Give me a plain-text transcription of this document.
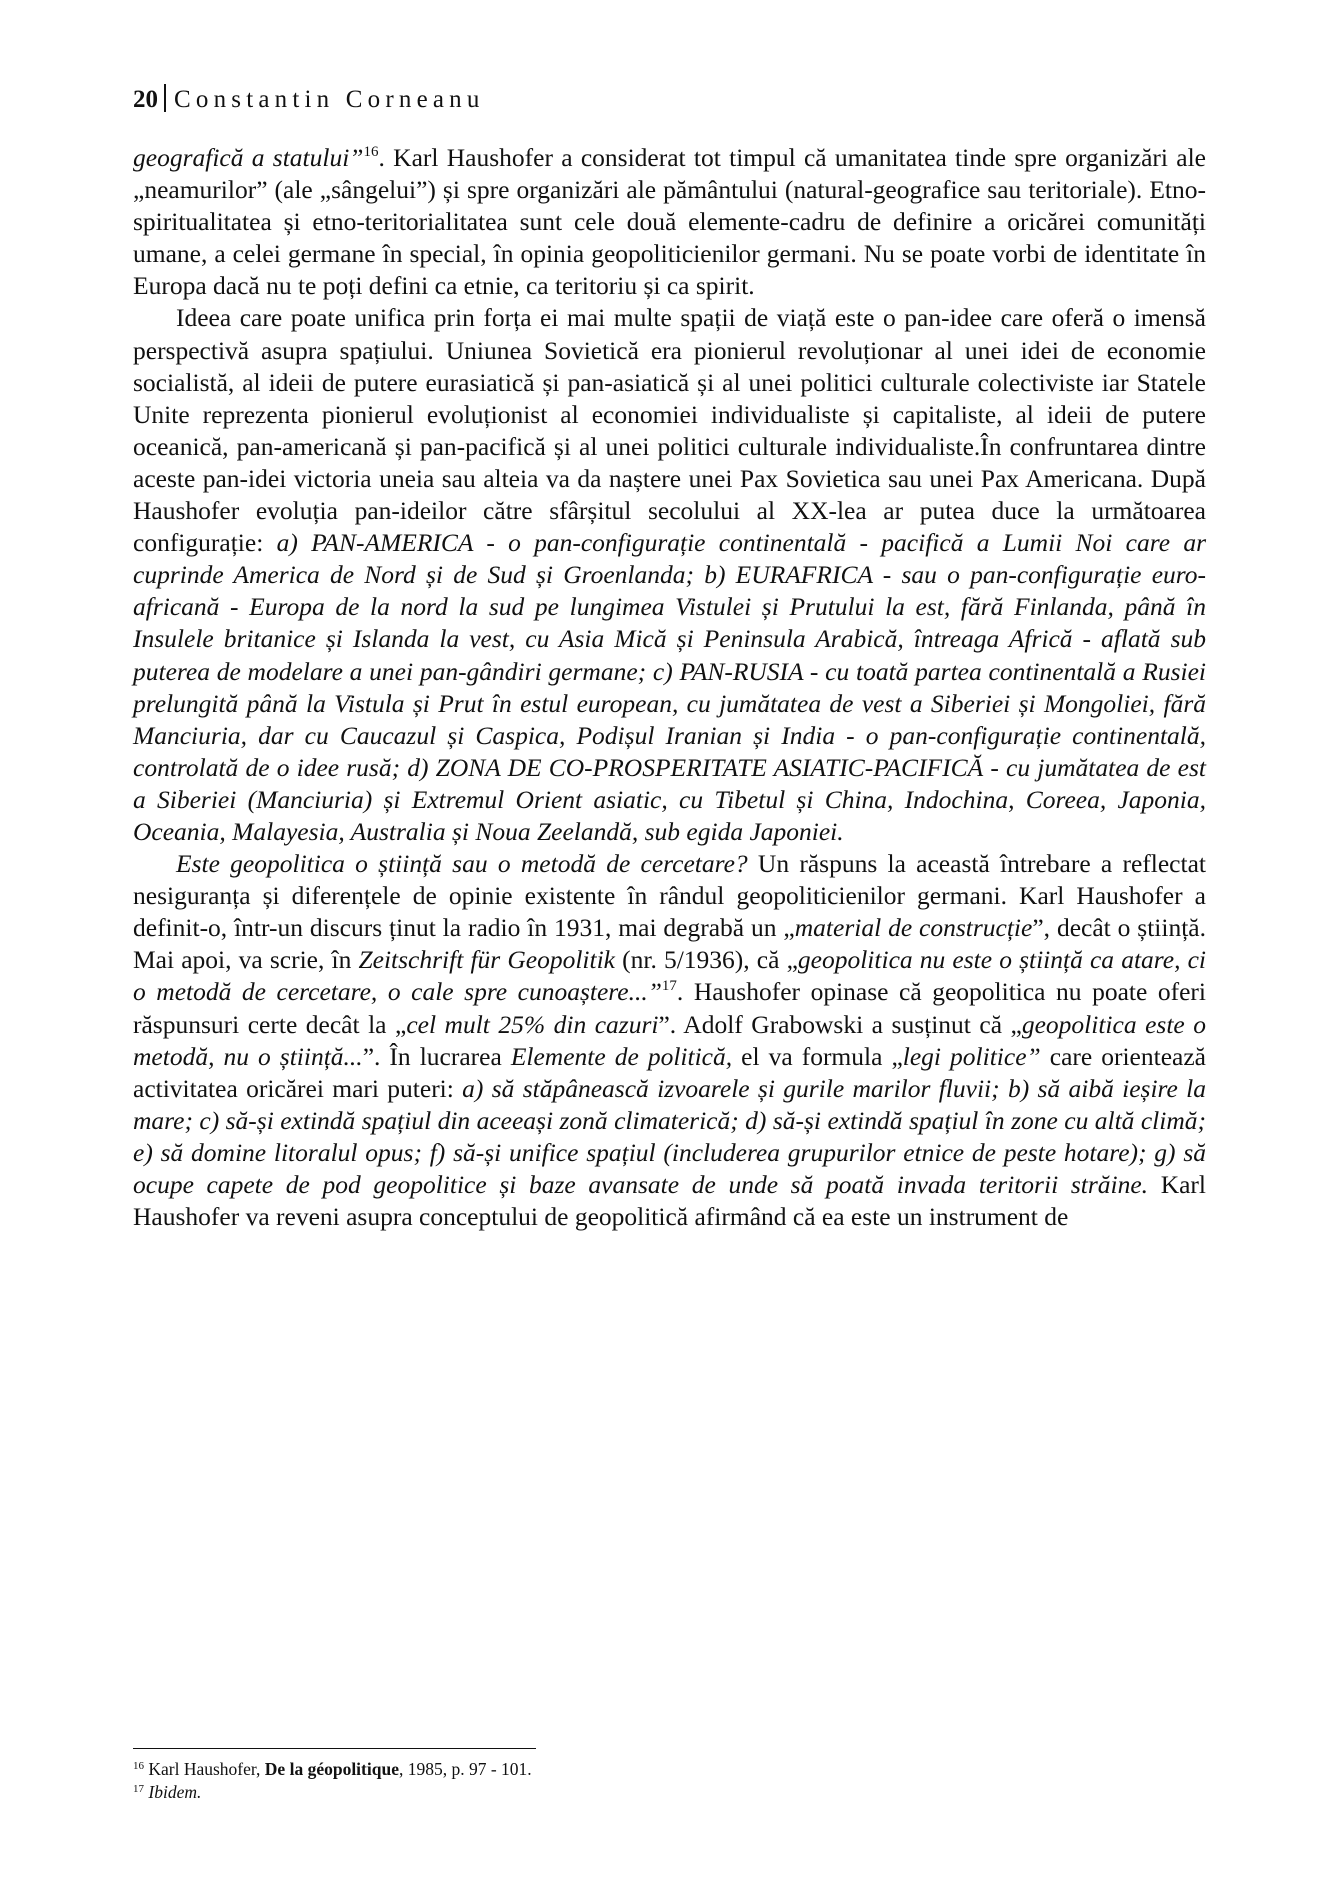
20 Constantin Corneanu

geografică a statului”$^{16}$. Karl Haushofer a considerat tot timpul că umanitatea tinde spre organizări ale „neamurilor” (ale „sângelui”) și spre organizări ale pământului (natural-geografice sau teritoriale). Etno-spiritualitatea și etno-teritorialitatea sunt cele două elemente-cadru de definire a oricărei comunități umane, a celei germane în special, în opinia geopoliticienilor germani. Nu se poate vorbi de identitate în Europa dacă nu te poți defini ca etnie, ca teritoriu și ca spirit.

Ideea care poate unifica prin forța ei mai multe spații de viață este o pan-idee care oferă o imensă perspectivă asupra spațiului. Uniunea Sovietică era pionierul revoluționar al unei idei de economie socialistă, al ideii de putere eurasiatică și pan-asiatică și al unei politici culturale colectiviste iar Statele Unite reprezenta pionierul evoluționist al economiei individualiste și capitaliste, al ideii de putere oceanică, pan-americană și pan-pacifică și al unei politici culturale individualiste.În confruntarea dintre aceste pan-idei victoria uneia sau alteia va da naștere unei Pax Sovietica sau unei Pax Americana. După Haushofer evoluția pan-ideilor către sfârșitul secolului al XX-lea ar putea duce la următoarea configurație: a) PAN-AMERICA - o pan-configurație continentală - pacifică a Lumii Noi care ar cuprinde America de Nord și de Sud și Groenlanda; b) EURAFRICA - sau o pan-configurație euro-africană - Europa de la nord la sud pe lungimea Vistulei și Prutului la est, fără Finlanda, până în Insulele britanice și Islanda la vest, cu Asia Mică și Peninsula Arabică, întreaga Africă - aflată sub puterea de modelare a unei pan-gândiri germane; c) PAN-RUSIA - cu toată partea continentală a Rusiei prelungită până la Vistula și Prut în estul european, cu jumătatea de vest a Siberiei și Mongoliei, fără Manciuria, dar cu Caucazul și Caspica, Podișul Iranian și India - o pan-configurație continentală, controlată de o idee rusă; d) ZONA DE CO-PROSPERITATE ASIATIC-PACIFICĂ - cu jumătatea de est a Siberiei (Manciuria) și Extremul Orient asiatic, cu Tibetul și China, Indochina, Coreea, Japonia, Oceania, Malayesia, Australia și Noua Zeelandă, sub egida Japoniei.

Este geopolitica o știință sau o metodă de cercetare? Un răspuns la această întrebare a reflectat nesiguranța și diferențele de opinie existente în rândul geopoliticienilor germani. Karl Haushofer a definit-o, într-un discurs ținut la radio în 1931, mai degrabă un „material de construcție”, decât o știință. Mai apoi, va scrie, în Zeitschrift für Geopolitik (nr. 5/1936), că „geopolitica nu este o știință ca atare, ci o metodă de cercetare, o cale spre cunoaștere...”$^{17}$. Haushofer opinase că geopolitica nu poate oferi răspunsuri certe decât la „cel mult 25% din cazuri”. Adolf Grabowski a susținut că „geopolitica este o metodă, nu o știință...”. În lucrarea Elemente de politică, el va formula „legi politice” care orientează activitatea oricărei mari puteri: a) să stăpânească izvoarele și gurile marilor fluvii; b) să aibă ieșire la mare; c) să-și extindă spațiul din aceeași zonă climaterică; d) să-și extindă spațiul în zone cu altă climă; e) să domine litoralul opus; f) să-și unifice spațiul (includerea grupurilor etnice de peste hotare); g) să ocupe capete de pod geopolitice și baze avansate de unde să poată invada teritorii străine. Karl Haushofer va reveni asupra conceptului de geopolitică afirmând că ea este un instrument de

$^{16}$ Karl Haushofer, De la géopolitique, 1985, p. 97 - 101.
$^{17}$ Ibidem.
